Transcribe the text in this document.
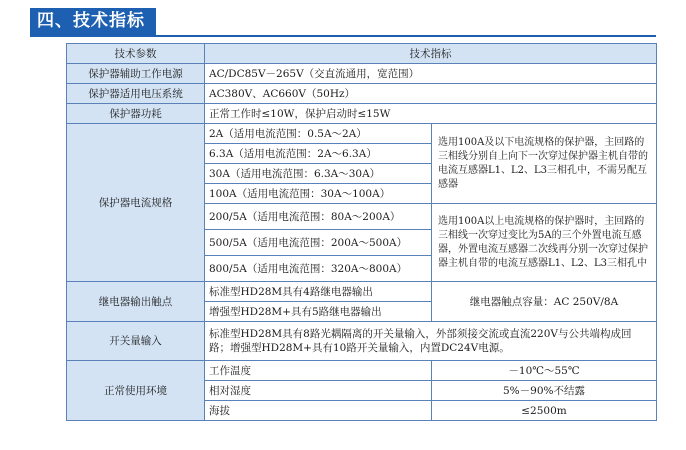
四、技术指标
技术参数	技术指标	
保护器辅助工作电源	AC/DC85V－265V（交直流通用，宽范围）	
保护器适用电压系统	AC380V、AC660V（50Hz）	
保护器功耗	正常工作时≤10W，保护启动时≤15W	
保护器电流规格	2A（适用电流范围：0.5A～2A）	选用100A及以下电流规格的保护器，主回路的三相线分别自上向下一次穿过保护器主机自带的电流互感器L1、L2、L3三相孔中，不需另配互感器
	6.3A（适用电流范围：2A～6.3A）	
	30A（适用电流范围：6.3A～30A）	
	100A（适用电流范围：30A～100A）	
	200/5A（适用电流范围：80A～200A）	选用100A以上电流规格的保护器时，主回路的三相线一次穿过变比为5A的三个外置电流互感器，外置电流互感器二次线再分别一次穿过保护器主机自带的电流互感器L1、L2、L3三相孔中
	500/5A（适用电流范围：200A～500A）	
	800/5A（适用电流范围：320A～800A）	
继电器输出触点	标准型HD28M具有4路继电器输出	继电器触点容量：AC 250V/8A
	增强型HD28M+具有5路继电器输出	
开关量输入	标准型HD28M具有8路光耦隔离的开关量输入，外部须接交流或直流220V与公共端构成回路；增强型HD28M+具有10路开关量输入，内置DC24V电源。	
正常使用环境	工作温度	－10℃～55℃
	相对湿度	5%－90%不结露
	海拔	≤2500m
